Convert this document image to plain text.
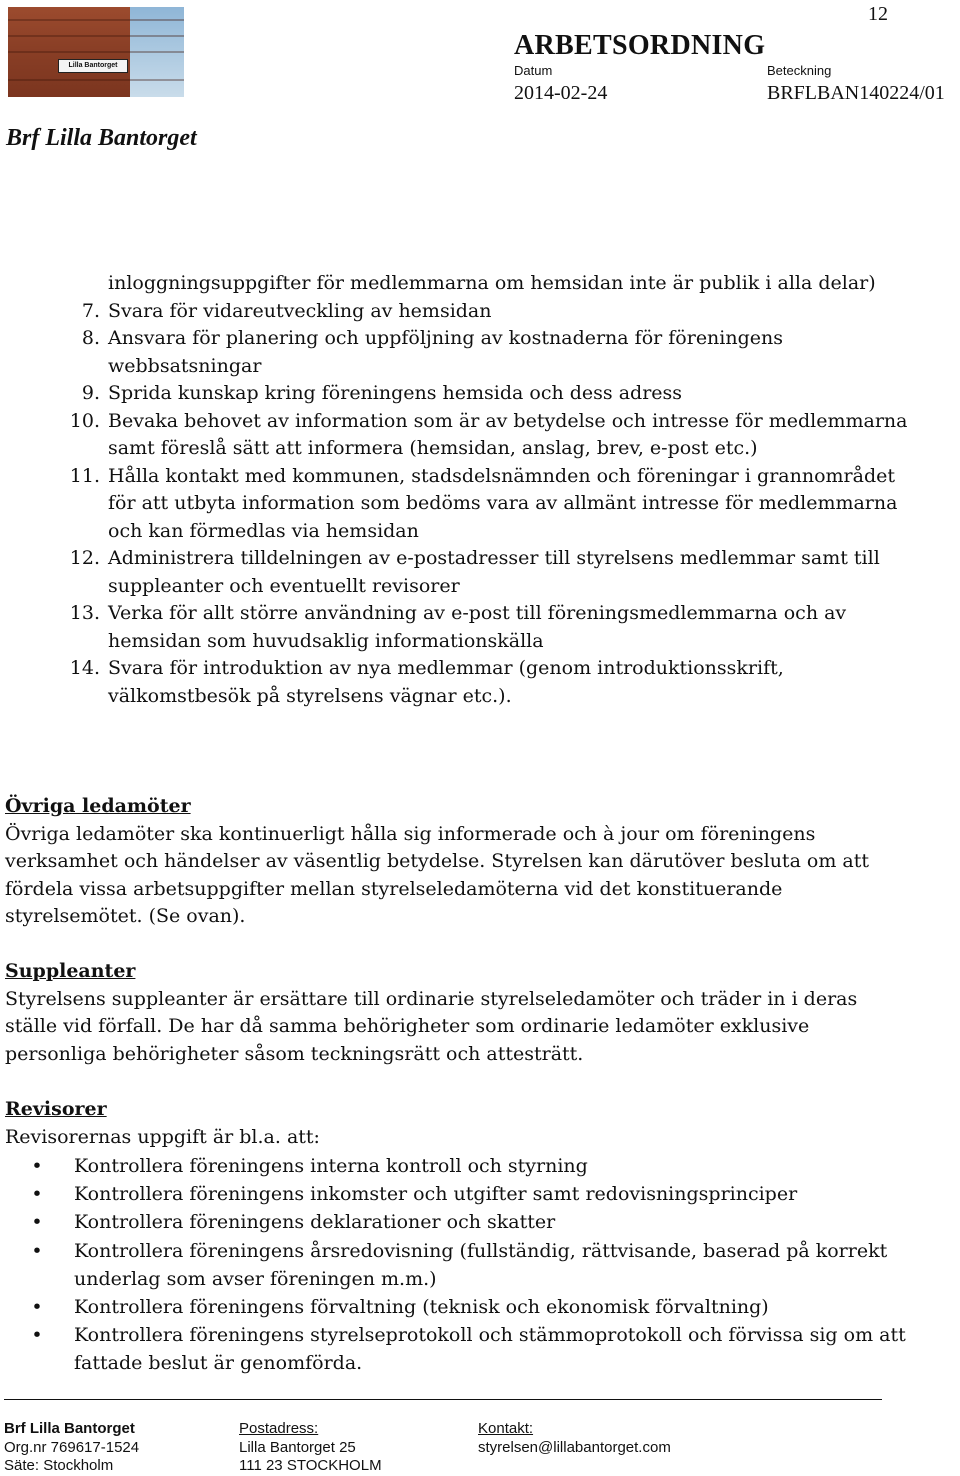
Lilla Bantorget
Brf Lilla Bantorget
ARBETSORDNING
12
Datum
2014-02-24
Beteckning
BRFLBAN140224/01
inloggningsuppgifter för medlemmarna om hemsidan inte är publik i alla delar)
7. Svara för vidareutveckling av hemsidan
8. Ansvara för planering och uppföljning av kostnaderna för föreningens webbsatsningar
9. Sprida kunskap kring föreningens hemsida och dess adress
10. Bevaka behovet av information som är av betydelse och intresse för medlemmarna samt föreslå sätt att informera (hemsidan, anslag, brev, e-post etc.)
11. Hålla kontakt med kommunen, stadsdelsnämnden och föreningar i grannområdet för att utbyta information som bedöms vara av allmänt intresse för medlemmarna och kan förmedlas via hemsidan
12. Administrera tilldelningen av e-postadresser till styrelsens medlemmar samt till suppleanter och eventuellt revisorer
13. Verka för allt större användning av e-post till föreningsmedlemmarna och av hemsidan som huvudsaklig informationskälla
14. Svara för introduktion av nya medlemmar (genom introduktionsskrift, välkomstbesök på styrelsens vägnar etc.).
Övriga ledamöter
Övriga ledamöter ska kontinuerligt hålla sig informerade och à jour om föreningens verksamhet och händelser av väsentlig betydelse. Styrelsen kan därutöver besluta om att fördela vissa arbetsuppgifter mellan styrelseledamöterna vid det konstituerande styrelsemötet. (Se ovan).
Suppleanter
Styrelsens suppleanter är ersättare till ordinarie styrelseledamöter och träder in i deras ställe vid förfall. De har då samma behörigheter som ordinarie ledamöter exklusive personliga behörigheter såsom teckningsrätt och attesträtt.
Revisorer
Revisorernas uppgift är bl.a. att:
• Kontrollera föreningens interna kontroll och styrning
• Kontrollera föreningens inkomster och utgifter samt redovisningsprinciper
• Kontrollera föreningens deklarationer och skatter
• Kontrollera föreningens årsredovisning (fullständig, rättvisande, baserad på korrekt underlag som avser föreningen m.m.)
• Kontrollera föreningens förvaltning (teknisk och ekonomisk förvaltning)
• Kontrollera föreningens styrelseprotokoll och stämmoprotokoll och förvissa sig om att fattade beslut är genomförda.
Brf Lilla Bantorget
Org.nr 769617-1524
Säte: Stockholm
Postadress:
Lilla Bantorget 25
111 23 STOCKHOLM
Kontakt:
styrelsen@lillabantorget.com
